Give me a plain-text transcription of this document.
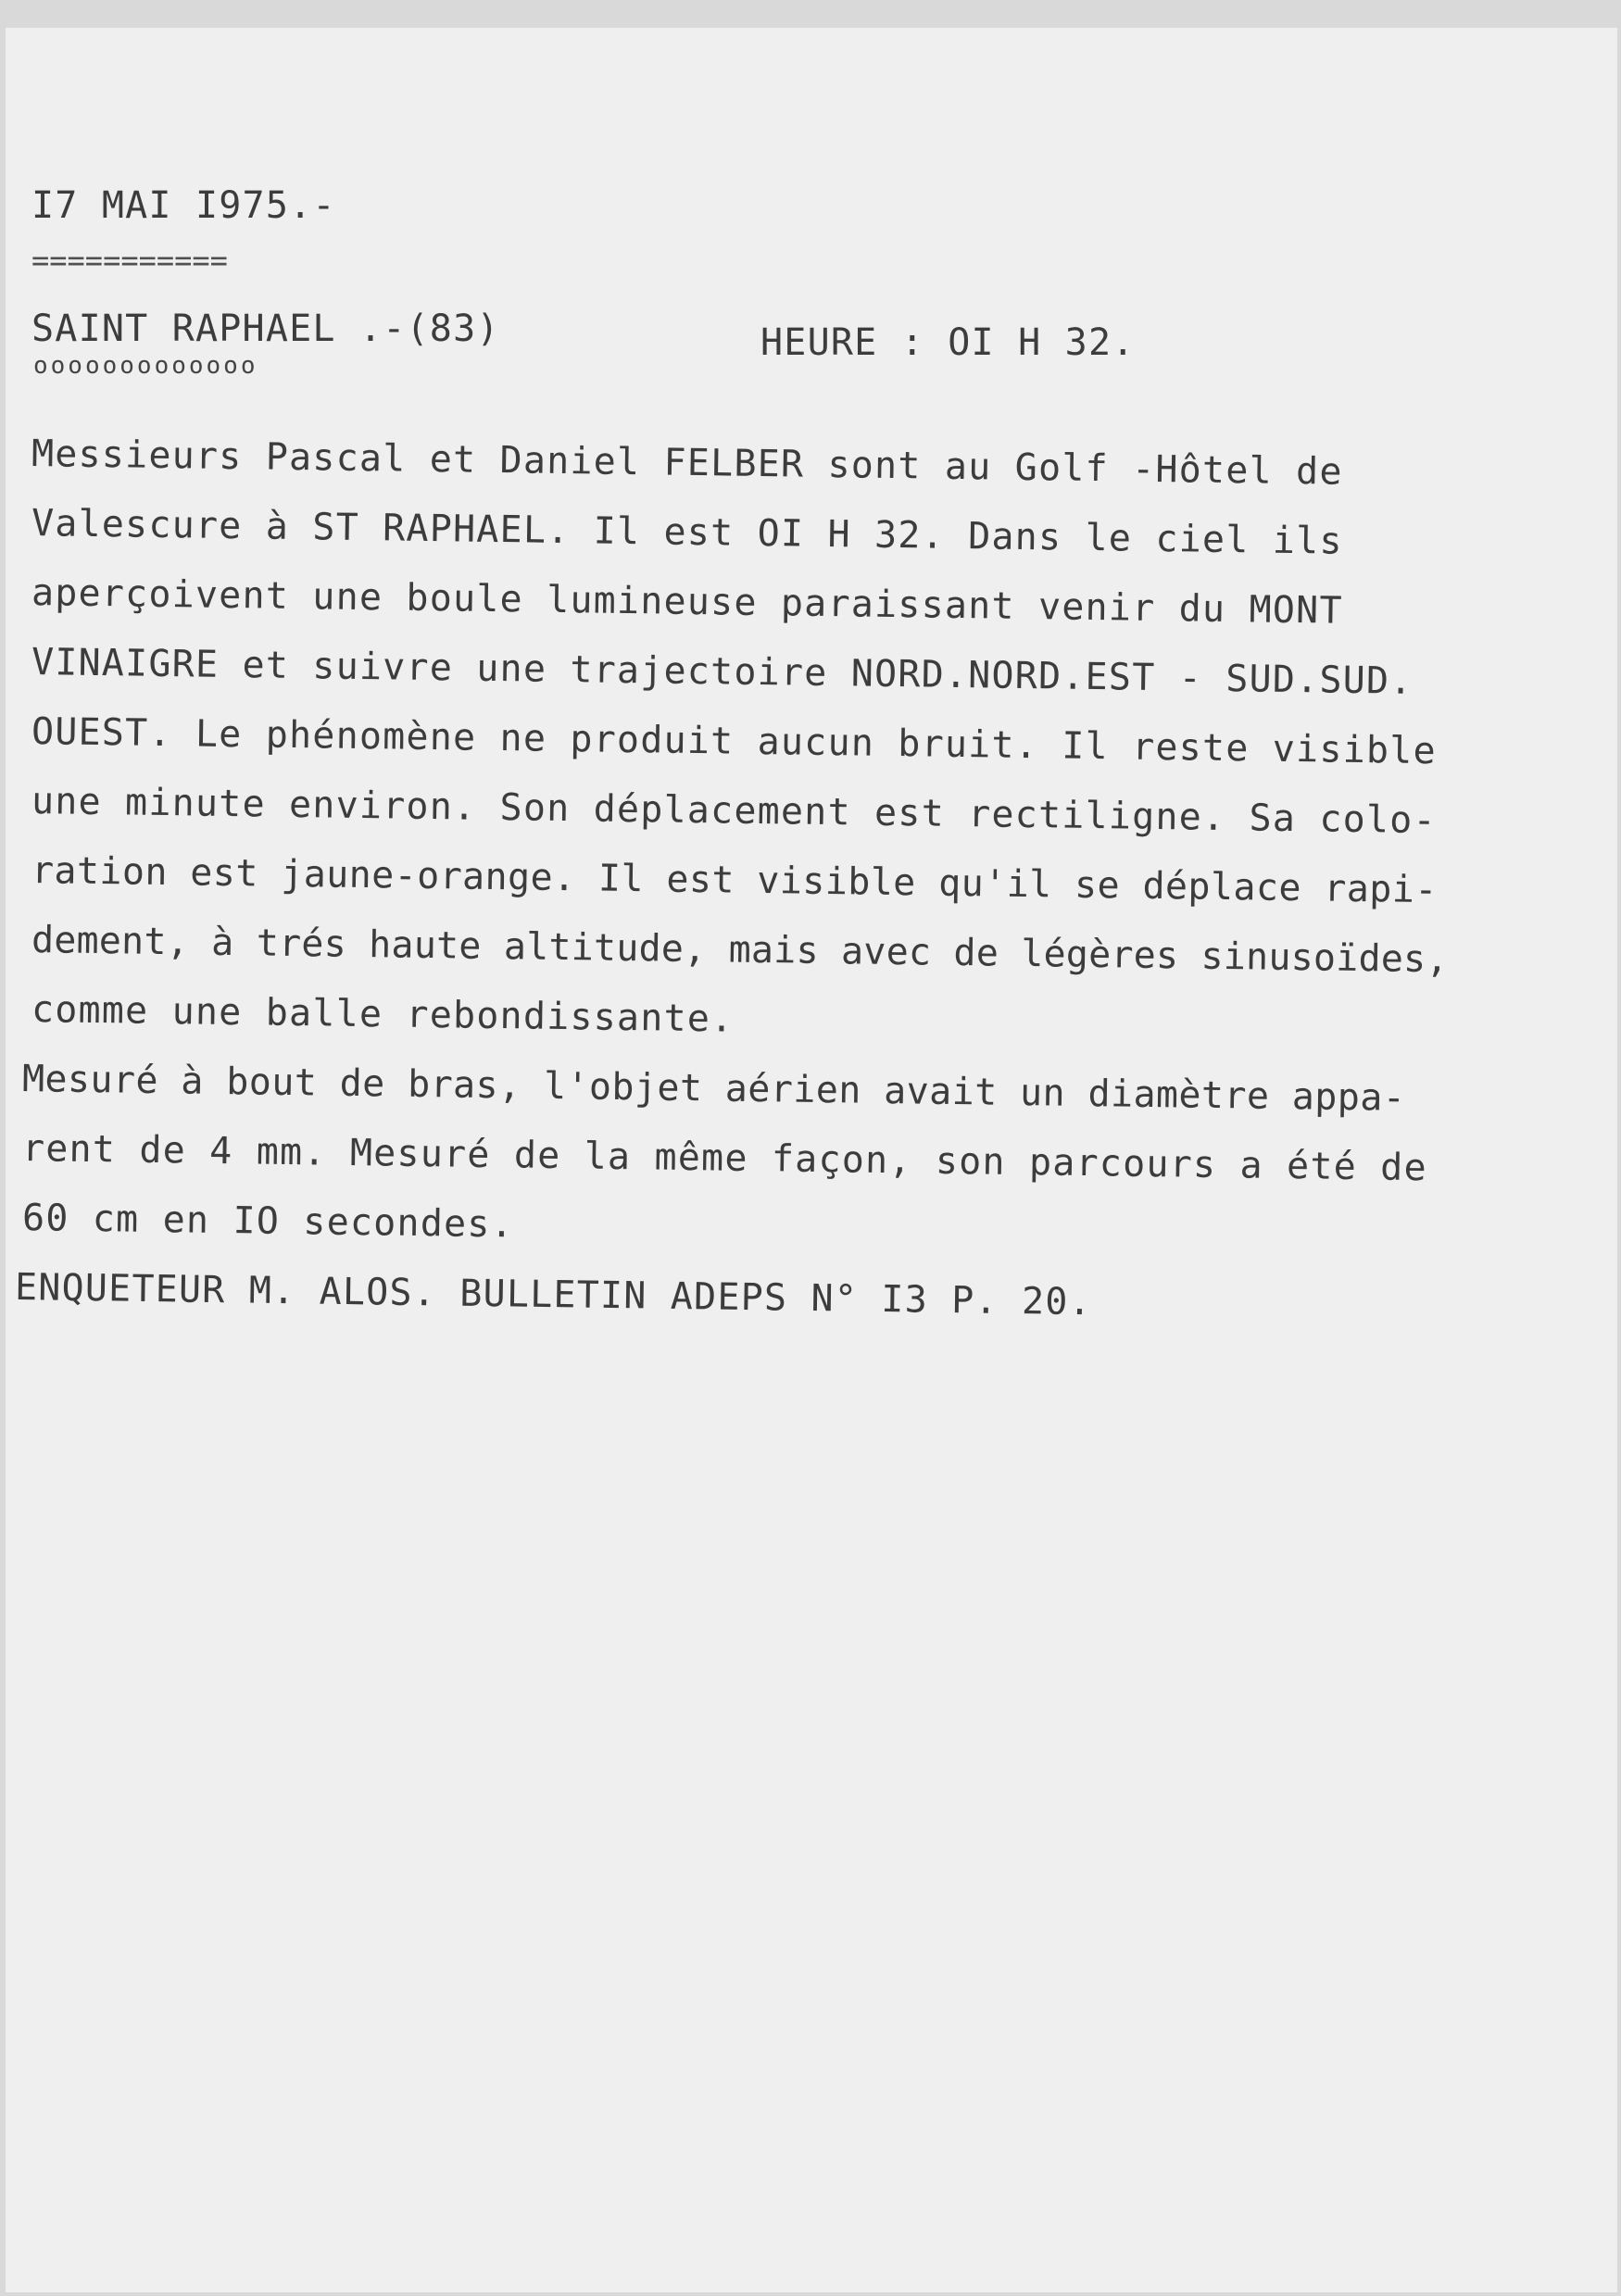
I7 MAI I975.-
===========
SAINT RAPHAEL .-(83)
ooooooooooooo
HEURE : OI H 32.
Messieurs Pascal et Daniel FELBER sont au Golf -Hôtel de
Valescure à ST RAPHAEL. Il est OI H 32. Dans le ciel ils
aperçoivent une boule lumineuse paraissant venir du MONT
VINAIGRE et suivre une trajectoire NORD.NORD.EST - SUD.SUD.
OUEST. Le phénomène ne produit aucun bruit. Il reste visible
une minute environ. Son déplacement est rectiligne. Sa colo-
ration est jaune-orange. Il est visible qu'il se déplace rapi-
dement, à trés haute altitude, mais avec de légères sinusoïdes,
comme une balle rebondissante.
Mesuré à bout de bras, l'objet aérien avait un diamètre appa-
rent de 4 mm. Mesuré de la même façon, son parcours a été de
60 cm en IO secondes.
ENQUETEUR M. ALOS. BULLETIN ADEPS N° I3 P. 20.
